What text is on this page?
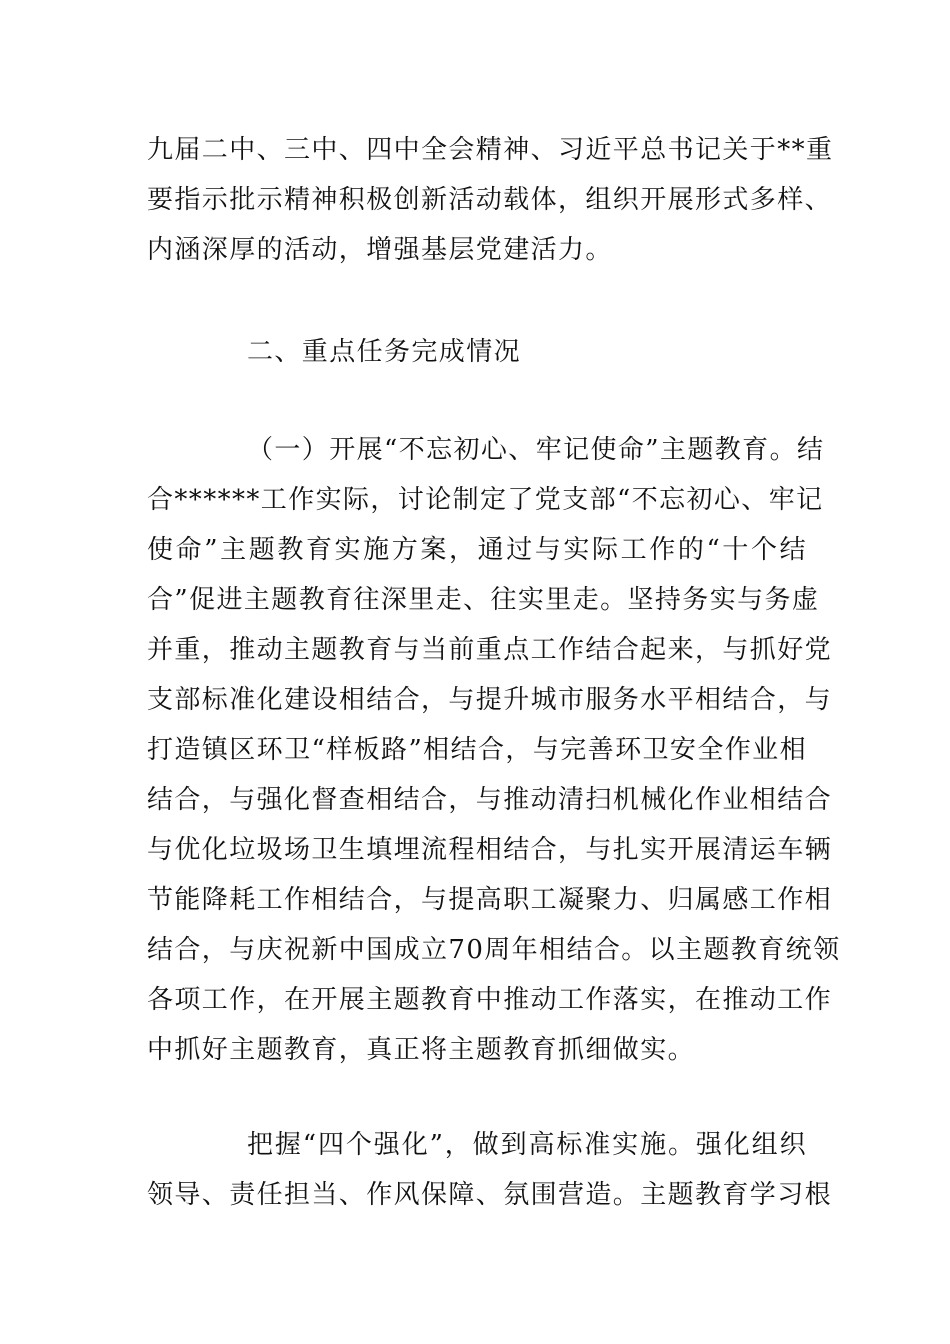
九届二中、三中、四中全会精神、习近平总书记关于**重
要指示批示精神积极创新活动载体，组织开展形式多样、
内涵深厚的活动，增强基层党建活力。
二、重点任务完成情况
（一）开展“不忘初心、牢记使命”主题教育。结
合******工作实际，讨论制定了党支部“不忘初心、牢记
使命”主题教育实施方案，通过与实际工作的“十个结
合”促进主题教育往深里走、往实里走。坚持务实与务虚
并重，推动主题教育与当前重点工作结合起来，与抓好党
支部标准化建设相结合，与提升城市服务水平相结合，与
打造镇区环卫“样板路”相结合，与完善环卫安全作业相
结合，与强化督查相结合，与推动清扫机械化作业相结合
与优化垃圾场卫生填埋流程相结合，与扎实开展清运车辆
节能降耗工作相结合，与提高职工凝聚力、归属感工作相
结合，与庆祝新中国成立70周年相结合。以主题教育统领
各项工作，在开展主题教育中推动工作落实，在推动工作
中抓好主题教育，真正将主题教育抓细做实。
把握“四个强化”，做到高标准实施。强化组织
领导、责任担当、作风保障、氛围营造。主题教育学习根
